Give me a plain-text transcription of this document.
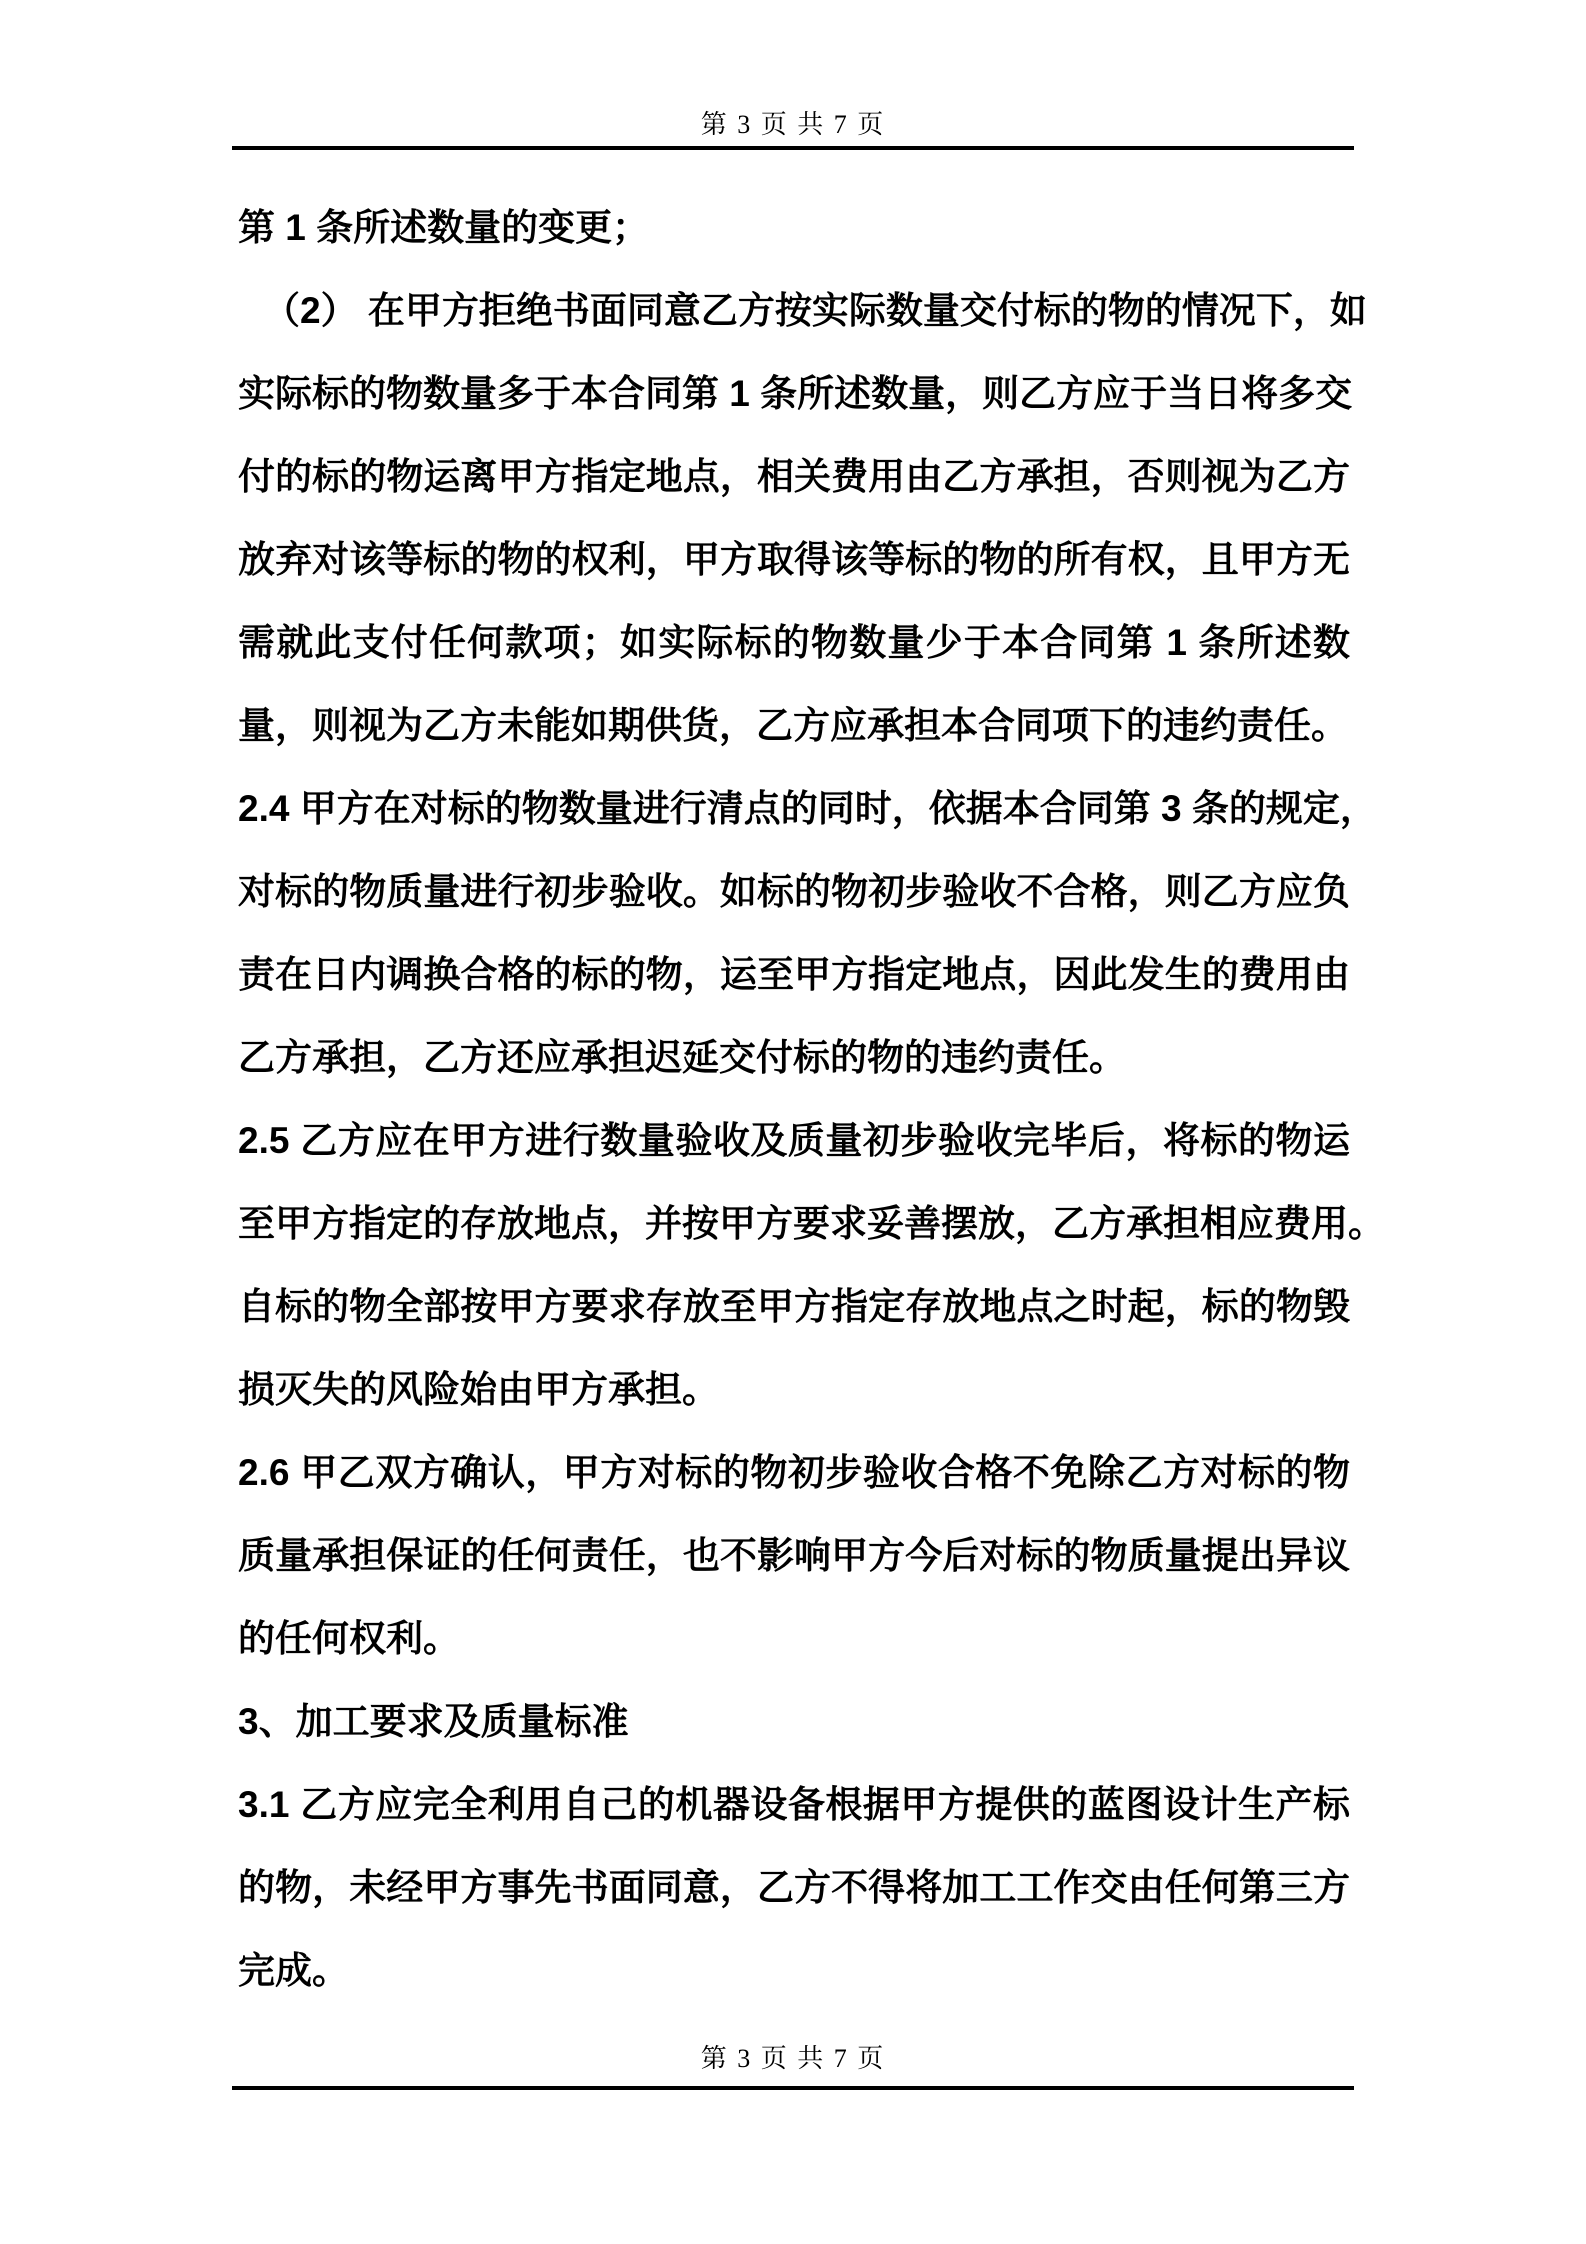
第 3 页 共 7 页
第 1 条所述数量的变更；
（2） 在甲方拒绝书面同意乙方按实际数量交付标的物的情况下，如
实际标的物数量多于本合同第 1 条所述数量，则乙方应于当日将多交
付的标的物运离甲方指定地点，相关费用由乙方承担，否则视为乙方
放弃对该等标的物的权利，甲方取得该等标的物的所有权，且甲方无
需就此支付任何款项；如实际标的物数量少于本合同第 1 条所述数
量，则视为乙方未能如期供货，乙方应承担本合同项下的违约责任。
2.4 甲方在对标的物数量进行清点的同时，依据本合同第 3 条的规定，
对标的物质量进行初步验收。如标的物初步验收不合格，则乙方应负
责在日内调换合格的标的物，运至甲方指定地点，因此发生的费用由
乙方承担，乙方还应承担迟延交付标的物的违约责任。
2.5 乙方应在甲方进行数量验收及质量初步验收完毕后，将标的物运
至甲方指定的存放地点，并按甲方要求妥善摆放，乙方承担相应费用。
自标的物全部按甲方要求存放至甲方指定存放地点之时起，标的物毁
损灭失的风险始由甲方承担。
2.6 甲乙双方确认，甲方对标的物初步验收合格不免除乙方对标的物
质量承担保证的任何责任，也不影响甲方今后对标的物质量提出异议
的任何权利。
3、加工要求及质量标准
3.1 乙方应完全利用自己的机器设备根据甲方提供的蓝图设计生产标
的物，未经甲方事先书面同意，乙方不得将加工工作交由任何第三方
完成。
第 3 页 共 7 页
